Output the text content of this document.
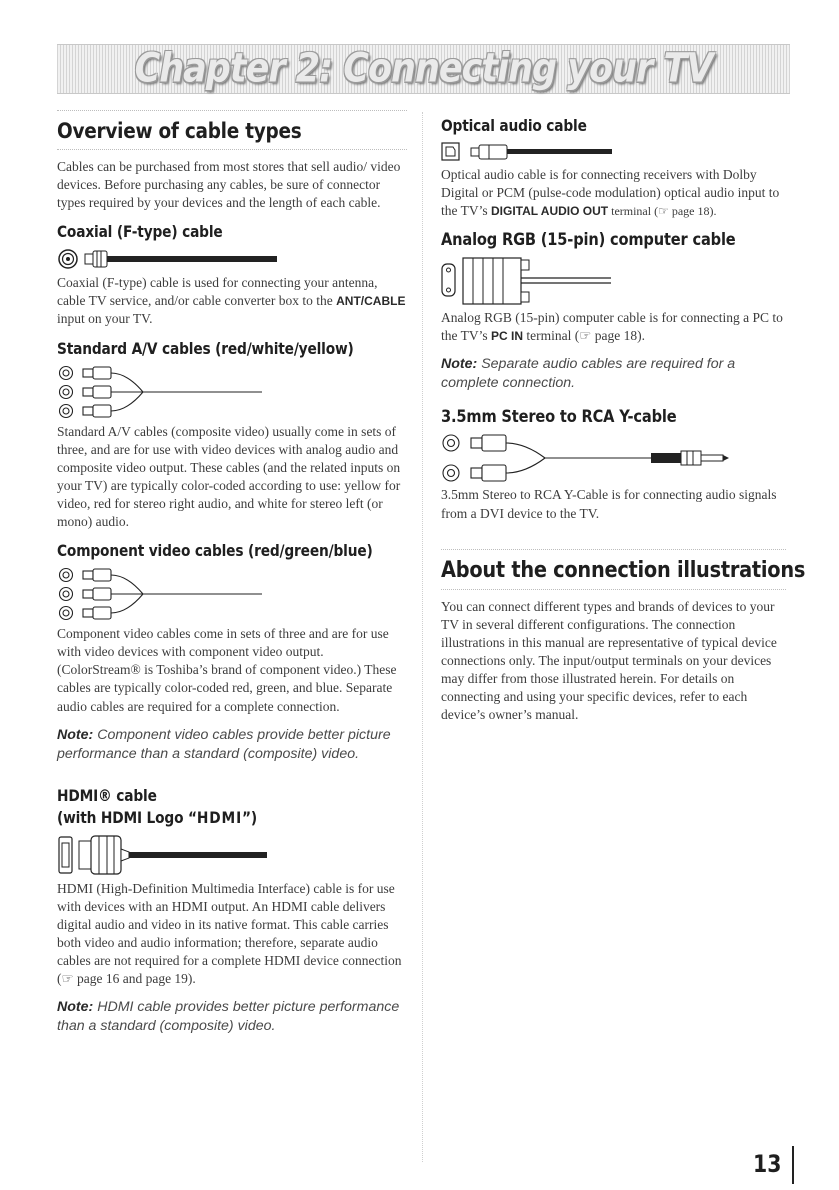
Chapter 2: Connecting your TV
Overview of cable types

Cables can be purchased from most stores that sell audio/ video devices. Before purchasing any cables, be sure of connector types required by your devices and the length of each cable.

Coaxial (F-type) cable

Coaxial (F-type) cable is used for connecting your antenna, cable TV service, and/or cable converter box to the ANT/CABLE input on your TV.

Standard A/V cables (red/white/yellow)

Standard A/V cables (composite video) usually come in sets of three, and are for use with video devices with analog audio and composite video output. These cables (and the related inputs on your TV) are typically color-coded according to use: yellow for video, red for stereo right audio, and white for stereo left (or mono) audio.

Component video cables (red/green/blue)

Component video cables come in sets of three and are for use with video devices with component video output. (ColorStream® is Toshiba’s brand of component video.) These cables are typically color-coded red, green, and blue. Separate audio cables are required for a complete connection.

Note: Component video cables provide better picture performance than a standard (composite) video.

HDMI® cable
(with HDMI Logo “HDMI”)

HDMI (High-Definition Multimedia Interface) cable is for use with devices with an HDMI output. An HDMI cable delivers digital audio and video in its native format. This cable carries both video and audio information; therefore, separate audio cables are not required for a complete HDMI device connection (☞ page 16 and page 19).

Note: HDMI cable provides better picture performance than a standard (composite) video.

Optical audio cable

Optical audio cable is for connecting receivers with Dolby Digital or PCM (pulse-code modulation) optical audio input to the TV’s DIGITAL AUDIO OUT terminal (☞ page 18).

Analog RGB (15-pin) computer cable

Analog RGB (15-pin) computer cable is for connecting a PC to the TV’s PC IN terminal (☞ page 18).

Note: Separate audio cables are required for a complete connection.

3.5mm Stereo to RCA Y-cable

3.5mm Stereo to RCA Y-Cable is for connecting audio signals from a DVI device to the TV.

About the connection illustrations

You can connect different types and brands of devices to your TV in several different configurations. The connection illustrations in this manual are representative of typical device connections only. The input/output terminals on your devices may differ from those illustrated herein. For details on connecting and using your specific devices, refer to each device’s owner’s manual.

13
